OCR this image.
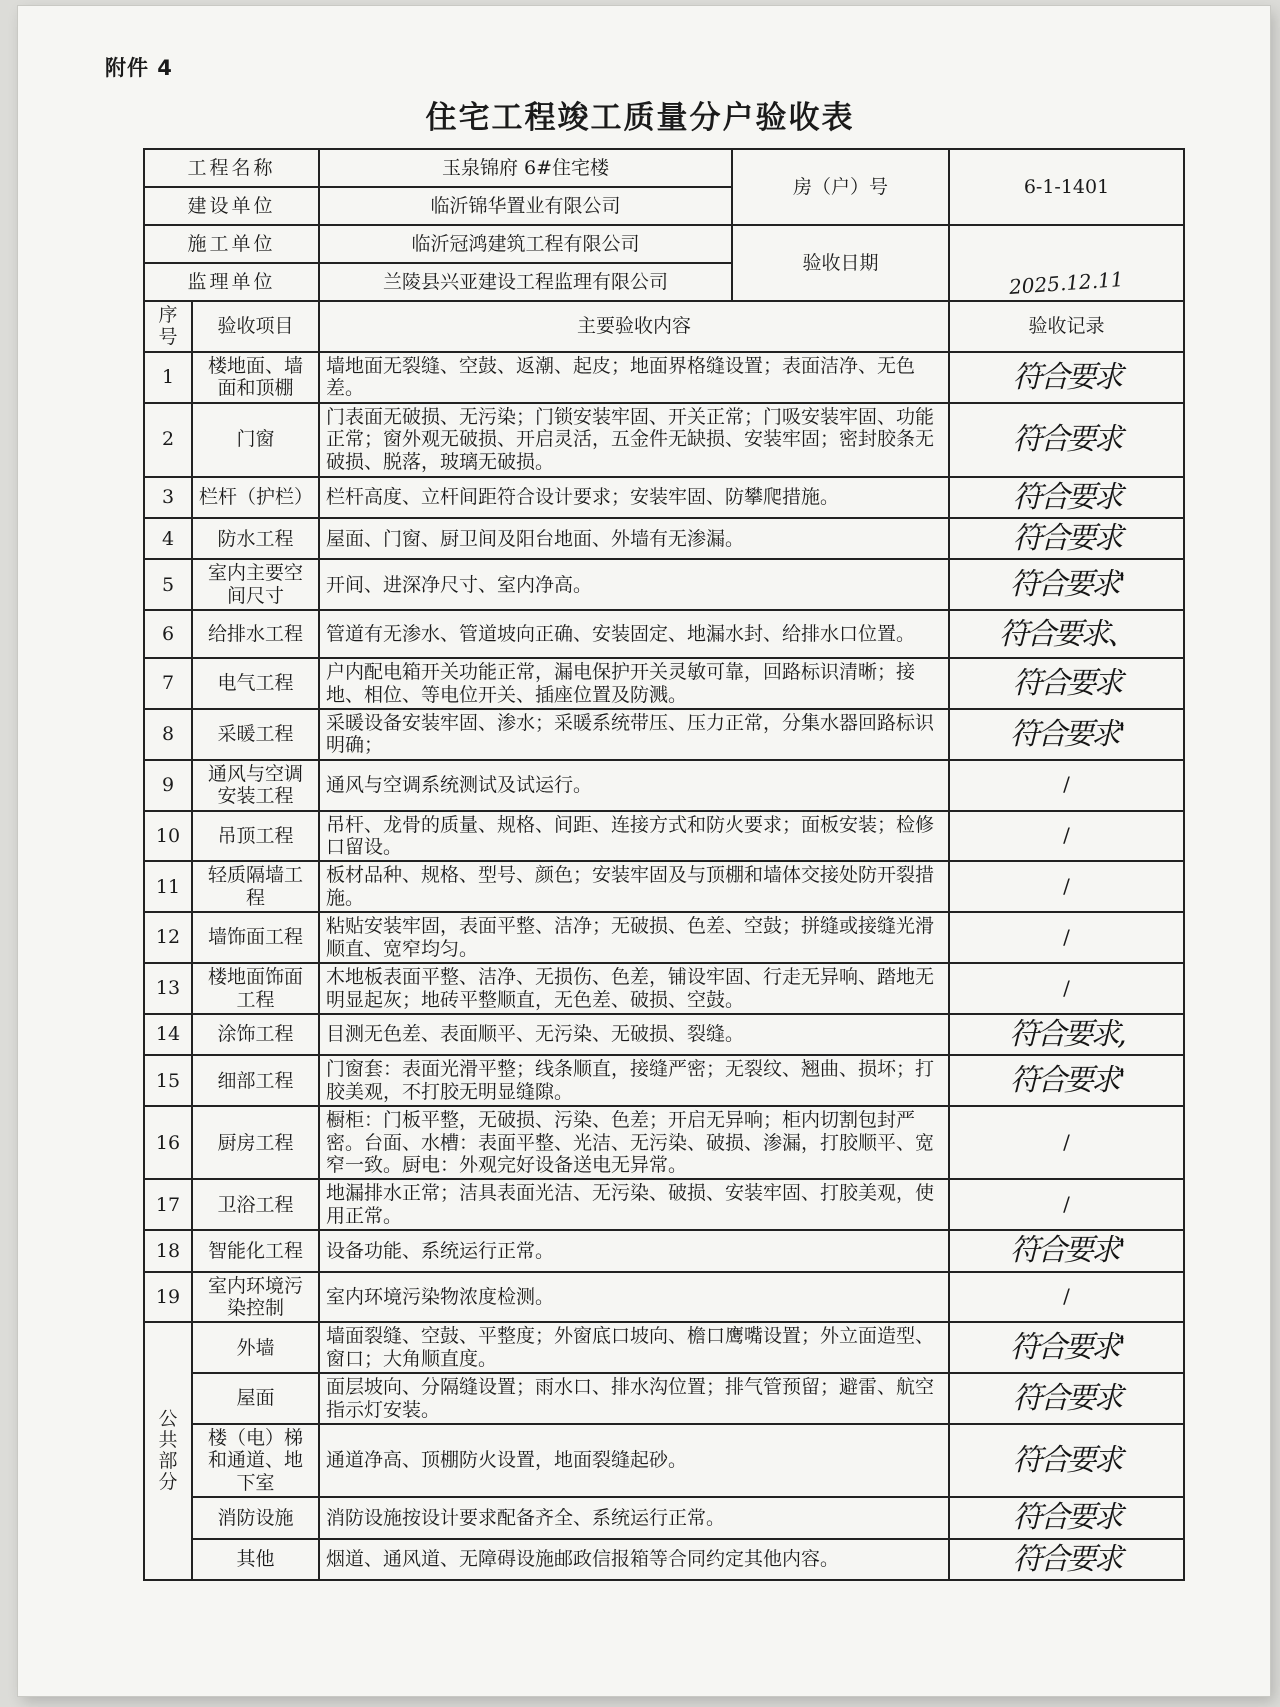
附件 4
住宅工程竣工质量分户验收表
工程名称		玉泉锦府 6#住宅楼	房（户）号	6-1-1401
建设单位		临沂锦华置业有限公司		
施工单位		临沂冠鸿建筑工程有限公司	验收日期	2025.12.11

监理单位		兰陵县兴亚建设工程监理有限公司		
序号	验收项目	主要验收内容		验收记录
1	楼地面、墙面和顶棚	墙地面无裂缝、空鼓、返潮、起皮；地面界格缝设置；表面洁净、无色差。		符合要求
2	门窗	门表面无破损、无污染；门锁安装牢固、开关正常；门吸安装牢固、功能正常；窗外观无破损、开启灵活，五金件无缺损、安装牢固；密封胶条无破损、脱落，玻璃无破损。		符合要求
3	栏杆（护栏）	栏杆高度、立杆间距符合设计要求；安装牢固、防攀爬措施。		符合要求
4	防水工程	屋面、门窗、厨卫间及阳台地面、外墙有无渗漏。		符合要求
5	室内主要空间尺寸	开间、进深净尺寸、室内净高。		符合要求'
6	给排水工程	管道有无渗水、管道坡向正确、安装固定、地漏水封、给排水口位置。		符合要求、
7	电气工程	户内配电箱开关功能正常，漏电保护开关灵敏可靠，回路标识清晰；接地、相位、等电位开关、插座位置及防溅。		符合要求
8	采暖工程	采暖设备安装牢固、渗水；采暖系统带压、压力正常，分集水器回路标识明确；		符合要求'
9	通风与空调安装工程	通风与空调系统测试及试运行。		/
10	吊顶工程	吊杆、龙骨的质量、规格、间距、连接方式和防火要求；面板安装；检修口留设。		/
11	轻质隔墙工程	板材品种、规格、型号、颜色；安装牢固及与顶棚和墙体交接处防开裂措施。		/
12	墙饰面工程	粘贴安装牢固，表面平整、洁净；无破损、色差、空鼓；拼缝或接缝光滑顺直、宽窄均匀。		/
13	楼地面饰面工程	木地板表面平整、洁净、无损伤、色差，铺设牢固、行走无异响、踏地无明显起灰；地砖平整顺直，无色差、破损、空鼓。		/
14	涂饰工程	目测无色差、表面顺平、无污染、无破损、裂缝。		符合要求,
15	细部工程	门窗套：表面光滑平整；线条顺直，接缝严密；无裂纹、翘曲、损坏；打胶美观，不打胶无明显缝隙。		符合要求'
16	厨房工程	橱柜：门板平整，无破损、污染、色差；开启无异响；柜内切割包封严密。台面、水槽：表面平整、光洁、无污染、破损、渗漏，打胶顺平、宽窄一致。厨电：外观完好设备送电无异常。		/
17	卫浴工程	地漏排水正常；洁具表面光洁、无污染、破损、安装牢固、打胶美观，使用正常。		/
18	智能化工程	设备功能、系统运行正常。		符合要求'
19	室内环境污染控制	室内环境污染物浓度检测。		/
公共部分	外墙	墙面裂缝、空鼓、平整度；外窗底口坡向、檐口鹰嘴设置；外立面造型、窗口；大角顺直度。		符合要求'
	屋面	面层坡向、分隔缝设置；雨水口、排水沟位置；排气管预留；避雷、航空指示灯安装。		符合要求
	楼（电）梯和通道、地下室	通道净高、顶棚防火设置，地面裂缝起砂。		符合要求
	消防设施	消防设施按设计要求配备齐全、系统运行正常。		符合要求
	其他	烟道、通风道、无障碍设施邮政信报箱等合同约定其他内容。		符合要求
